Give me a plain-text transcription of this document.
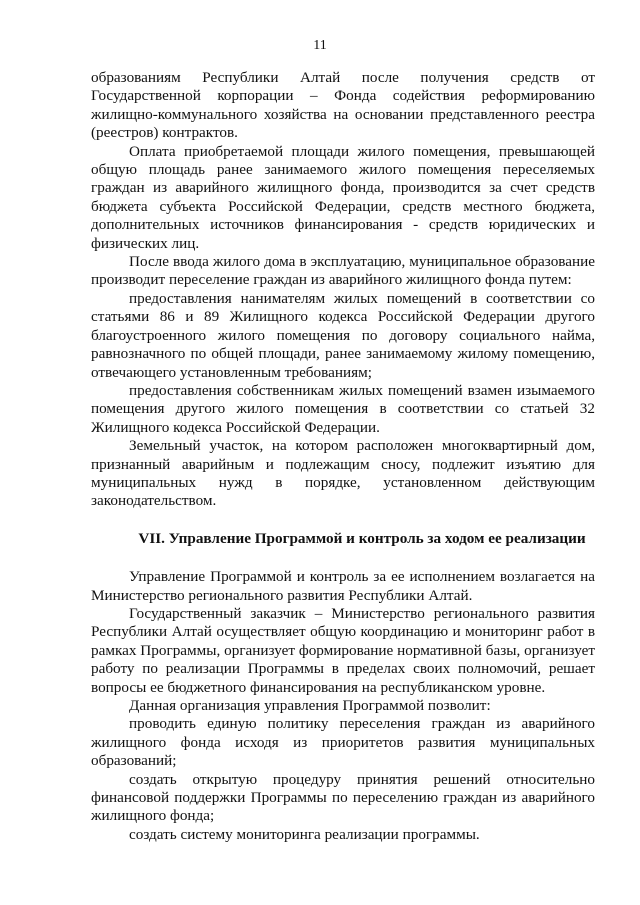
11

образованиям Республики Алтай после получения средств от Государственной корпорации – Фонда содействия реформированию жилищно-коммунального хозяйства на основании представленного реестра (реестров) контрактов.

Оплата приобретаемой площади жилого помещения, превышающей общую площадь ранее занимаемого жилого помещения переселяемых граждан из аварийного жилищного фонда, производится за счет средств бюджета субъекта Российской Федерации, средств местного бюджета, дополнительных источников финансирования - средств юридических и физических лиц.

После ввода жилого дома в эксплуатацию, муниципальное образование производит переселение граждан из аварийного жилищного фонда путем:

предоставления нанимателям жилых помещений в соответствии со статьями 86 и 89 Жилищного кодекса Российской Федерации другого благоустроенного жилого помещения по договору социального найма, равнозначного по общей площади, ранее занимаемому жилому помещению, отвечающего установленным требованиям;

предоставления собственникам жилых помещений взамен изымаемого помещения другого жилого помещения в соответствии со статьей 32 Жилищного кодекса Российской Федерации.

Земельный участок, на котором расположен многоквартирный дом, признанный аварийным и подлежащим сносу, подлежит изъятию для муниципальных нужд в порядке, установленном действующим законодательством.

VII. Управление Программой и контроль за ходом ее реализации

Управление Программой и контроль за ее исполнением возлагается на Министерство регионального развития Республики Алтай.

Государственный заказчик – Министерство регионального развития Республики Алтай осуществляет общую координацию и мониторинг работ в рамках Программы, организует формирование нормативной базы, организует работу по реализации Программы в пределах своих полномочий, решает вопросы ее бюджетного финансирования на республиканском уровне.

Данная организация управления Программой позволит:

проводить единую политику переселения граждан из аварийного жилищного фонда исходя из приоритетов развития муниципальных образований;

создать открытую процедуру принятия решений относительно финансовой поддержки Программы по переселению граждан из аварийного жилищного фонда;

создать систему мониторинга реализации программы.
